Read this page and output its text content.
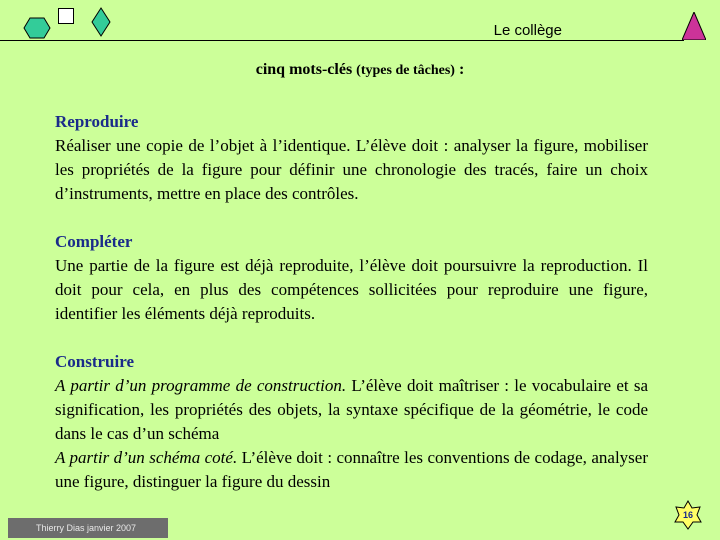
Le collège
cinq mots-clés (types de tâches) :
Reproduire
Réaliser une copie de l’objet à l’identique. L’élève doit : analyser la figure, mobiliser les propriétés de la figure pour définir une chronologie des tracés, faire un choix d’instruments, mettre en place des contrôles.
Compléter
Une partie de la figure est déjà reproduite, l’élève doit poursuivre la reproduction. Il doit pour cela, en plus des compétences sollicitées pour reproduire une figure, identifier les éléments déjà reproduits.
Construire
A partir d’un programme de construction. L’élève doit maîtriser : le vocabulaire et sa signification, les propriétés des objets, la syntaxe spécifique de la géométrie, le code dans le cas d’un schéma
A partir d’un schéma coté. L’élève doit : connaître les conventions de codage, analyser une figure, distinguer la figure du dessin
Thierry Dias janvier 2007
16
